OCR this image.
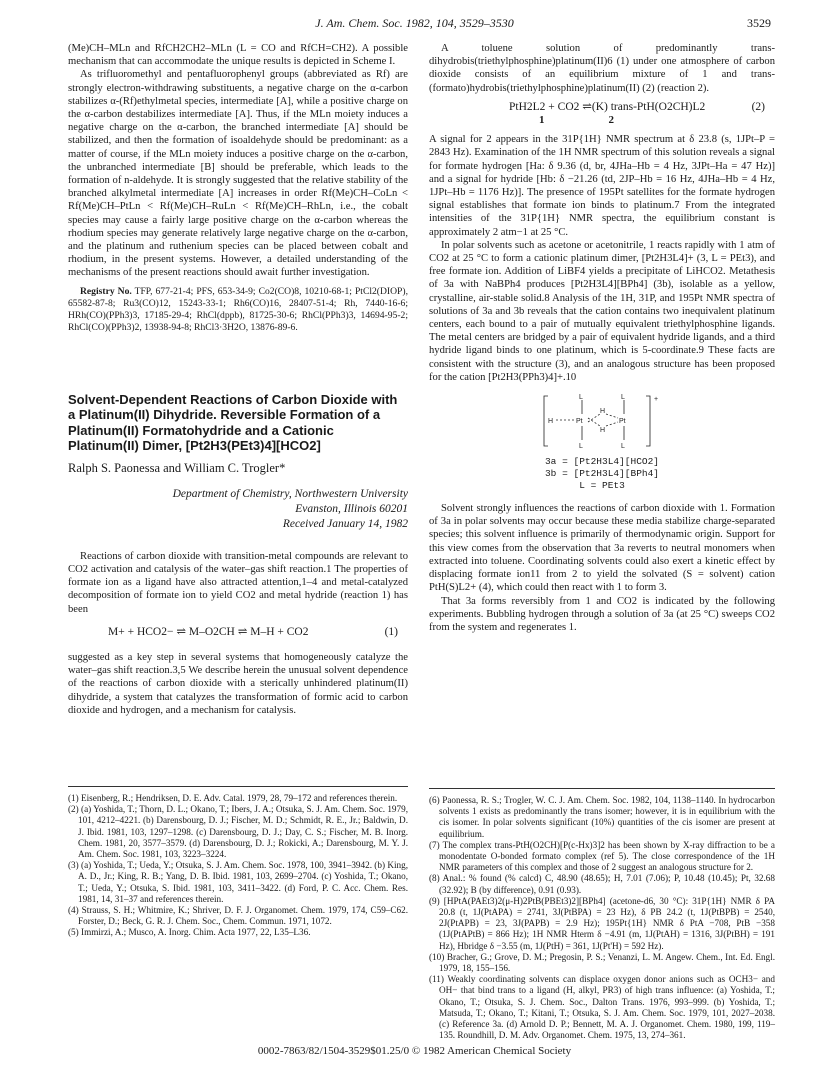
J. Am. Chem. Soc. 1982, 104, 3529–3530	3529

(Me)CH–MLn and RfCH2CH2–MLn (L = CO and RfCH=CH2). A possible mechanism that can accommodate the unique results is depicted in Scheme I.

As trifluoromethyl and pentafluorophenyl groups (abbreviated as Rf) are strongly electron-withdrawing substituents, a negative charge on the α-carbon stabilizes α-(Rf)ethylmetal species, intermediate [A], while a positive charge on the α-carbon destabilizes intermediate [A]. Thus, if the MLn moiety induces a negative charge on the α-carbon, the branched intermediate [A] should be stabilized, and then the formation of isoaldehyde should be predominant: as a matter of course, if the MLn moiety induces a positive charge on the α-carbon, the unbranched intermediate [B] should be preferable, which leads to the formation of n-aldehyde. It is strongly suggested that the relative stability of the branched alkylmetal intermediate [A] increases in order Rf(Me)CH–CoLn < Rf(Me)CH–PtLn < Rf(Me)CH–RuLn < Rf(Me)CH–RhLn, i.e., the cobalt species may cause a fairly large positive charge on the α-carbon whereas the rhodium species may generate relatively large negative charge on the α-carbon, and the platinum and ruthenium species can be placed between cobalt and rhodium, in the present systems. However, a detailed understanding of the mechanisms of the present reactions should await further investigation.

Registry No. TFP, 677-21-4; PFS, 653-34-9; Co2(CO)8, 10210-68-1; PtCl2(DIOP), 65582-87-8; Ru3(CO)12, 15243-33-1; Rh6(CO)16, 28407-51-4; Rh, 7440-16-6; HRh(CO)(PPh3)3, 17185-29-4; RhCl(dppb), 81725-30-6; RhCl(PPh3)3, 14694-95-2; RhCl(CO)(PPh3)2, 13938-94-8; RhCl3·3H2O, 13876-89-6.

Solvent-Dependent Reactions of Carbon Dioxide with a Platinum(II) Dihydride. Reversible Formation of a Platinum(II) Formatohydride and a Cationic Platinum(II) Dimer, [Pt2H3(PEt3)4][HCO2]
Ralph S. Paonessa and William C. Trogler*
Department of Chemistry, Northwestern University
Evanston, Illinois 60201
Received January 14, 1982

Reactions of carbon dioxide with transition-metal compounds are relevant to CO2 activation and catalysis of the water–gas shift reaction.1 The properties of formate ion as a ligand have also attracted attention,1–4 and metal-catalyzed decomposition of formate ion to yield CO2 and metal hydride (reaction 1) has been

M+ + HCO2− ⇌ M–O2CH ⇌ M–H + CO2	(1)

suggested as a key step in several systems that homogeneously catalyze the water–gas shift reaction.3,5 We describe herein the unusual solvent dependence of the reactions of carbon dioxide with a sterically unhindered platinum(II) dihydride, a system that catalyzes the transformation of formic acid to carbon dioxide and hydrogen, and a mechanism for catalysis.

A toluene solution of predominantly trans-dihydrobis(triethylphosphine)platinum(II)6 (1) under one atmosphere of carbon dioxide consists of an equilibrium mixture of 1 and trans-(formato)hydrobis(triethylphosphine)platinum(II) (2) (reaction 2).

PtH2L2 + CO2 ⇌(K) trans-PtH(O2CH)L2	(2)
1	2

A signal for 2 appears in the 31P{1H} NMR spectrum at δ 23.8 (s, 1JPt–P = 2843 Hz). Examination of the 1H NMR spectrum of this solution reveals a signal for formate hydrogen [Ha: δ 9.36 (d, br, 4JHa–Hb = 4 Hz, 3JPt–Ha = 47 Hz)] and a signal for hydride [Hb: δ −21.26 (td, 2JP–Hb = 16 Hz, 4JHa–Hb = 4 Hz, 1JPt–Hb = 1176 Hz)]. The presence of 195Pt satellites for the formate hydrogen signal establishes that formate ion binds to platinum.7 From the integrated intensities of the 31P{1H} NMR spectra, the equilibrium constant is approximately 2 atm−1 at 25 °C.

In polar solvents such as acetone or acetonitrile, 1 reacts rapidly with 1 atm of CO2 at 25 °C to form a cationic platinum dimer, [Pt2H3L4]+ (3, L = PEt3), and free formate ion. Addition of LiBF4 yields a precipitate of LiHCO2. Metathesis of 3a with NaBPh4 produces [Pt2H3L4][BPh4] (3b), isolable as a yellow, crystalline, air-stable solid.8 Analysis of the 1H, 31P, and 195Pt NMR spectra of solutions of 3a and 3b reveals that the cation contains two inequivalent platinum centers, each bound to a pair of mutually equivalent triethylphosphine ligands. The metal centers are bridged by a pair of equivalent hydride ligands, and a third hydride ligand binds to one platinum, which is 5-coordinate.9 These facts are consistent with the structure (3), and an analogous structure has been proposed for the cation [Pt2H3(PPh3)4]+.10

+
L
L
L
L
H	Pt	Pt
H
H
3a = [Pt2H3L4][HCO2]
3b = [Pt2H3L4][BPh4]
L = PEt3

Solvent strongly influences the reactions of carbon dioxide with 1. Formation of 3a in polar solvents may occur because these media stabilize charge-separated species; this solvent influence is primarily of thermodynamic origin. Support for this view comes from the observation that 3a reverts to neutral monomers when extracted into toluene. Coordinating solvents could also exert a kinetic effect by displacing formate ion11 from 2 to yield the solvated (S = solvent) cation PtH(S)L2+ (4), which could then react with 1 to form 3.

That 3a forms reversibly from 1 and CO2 is indicated by the following experiments. Bubbling hydrogen through a solution of 3a (at 25 °C) sweeps CO2 from the system and regenerates 1.

(1) Eisenberg, R.; Hendriksen, D. E. Adv. Catal. 1979, 28, 79–172 and references therein.

(2) (a) Yoshida, T.; Thorn, D. L.; Okano, T.; Ibers, J. A.; Otsuka, S. J. Am. Chem. Soc. 1979, 101, 4212–4221. (b) Darensbourg, D. J.; Fischer, M. D.; Schmidt, R. E., Jr.; Baldwin, D. J. Ibid. 1981, 103, 1297–1298. (c) Darensbourg, D. J.; Day, C. S.; Fischer, M. B. Inorg. Chem. 1981, 20, 3577–3579. (d) Darensbourg, D. J.; Rokicki, A.; Darensbourg, M. Y. J. Am. Chem. Soc. 1981, 103, 3223–3224.

(3) (a) Yoshida, T.; Ueda, Y.; Otsuka, S. J. Am. Chem. Soc. 1978, 100, 3941–3942. (b) King, A. D., Jr.; King, R. B.; Yang, D. B. Ibid. 1981, 103, 2699–2704. (c) Yoshida, T.; Okano, T.; Ueda, Y.; Otsuka, S. Ibid. 1981, 103, 3411–3422. (d) Ford, P. C. Acc. Chem. Res. 1981, 14, 31–37 and references therein.

(4) Strauss, S. H.; Whitmire, K.; Shriver, D. F. J. Organomet. Chem. 1979, 174, C59–C62. Forster, D.; Beck, G. R. J. Chem. Soc., Chem. Commun. 1971, 1072.

(5) Immirzi, A.; Musco, A. Inorg. Chim. Acta 1977, 22, L35–L36.

(6) Paonessa, R. S.; Trogler, W. C. J. Am. Chem. Soc. 1982, 104, 1138–1140. In hydrocarbon solvents 1 exists as predominantly the trans isomer; however, it is in equilibrium with the cis isomer. In polar solvents significant (10%) quantities of the cis isomer are present at equilibrium.

(7) The complex trans-PtH(O2CH)[P(c-Hx)3]2 has been shown by X-ray diffraction to be a monodentate O-bonded formato complex (ref 5). The close correspondence of the 1H NMR parameters of this complex and those of 2 suggest an analogous structure for 2.

(8) Anal.: % found (% calcd) C, 48.90 (48.65); H, 7.01 (7.06); P, 10.48 (10.45); Pt, 32.68 (32.92); B (by difference), 0.91 (0.93).

(9) [HPtA(PAEt3)2(μ-H)2PtB(PBEt3)2][BPh4] (acetone-d6, 30 °C): 31P{1H} NMR δ PA 20.8 (t, 1J(PtAPA) = 2741, 3J(PtBPA) = 23 Hz), δ PB 24.2 (t, 1J(PtBPB) = 2540, 2J(PtAPB) = 23, 3J(PAPB) = 2.9 Hz); 195Pt{1H} NMR δ PtA −708, PtB −358 (1J(PtAPtB) = 866 Hz); 1H NMR Hterm δ −4.91 (m, 1J(PtAH) = 1316, 3J(PtBH) = 191 Hz), Hbridge δ −3.55 (m, 1J(PtH) = 361, 1J(Pt'H) = 592 Hz).

(10) Bracher, G.; Grove, D. M.; Pregosin, P. S.; Venanzi, L. M. Angew. Chem., Int. Ed. Engl. 1979, 18, 155–156.

(11) Weakly coordinating solvents can displace oxygen donor anions such as OCH3− and OH− that bind trans to a ligand (H, alkyl, PR3) of high trans influence: (a) Yoshida, T.; Okano, T.; Otsuka, S. J. Chem. Soc., Dalton Trans. 1976, 993–999. (b) Yoshida, T.; Matsuda, T.; Okano, T.; Kitani, T.; Otsuka, S. J. Am. Chem. Soc. 1979, 101, 2027–2038. (c) Reference 3a. (d) Arnold D. P.; Bennett, M. A. J. Organomet. Chem. 1980, 199, 119–135. Roundhill, D. M. Adv. Organomet. Chem. 1975, 13, 274–361.

0002-7863/82/1504-3529$01.25/0 © 1982 American Chemical Society
